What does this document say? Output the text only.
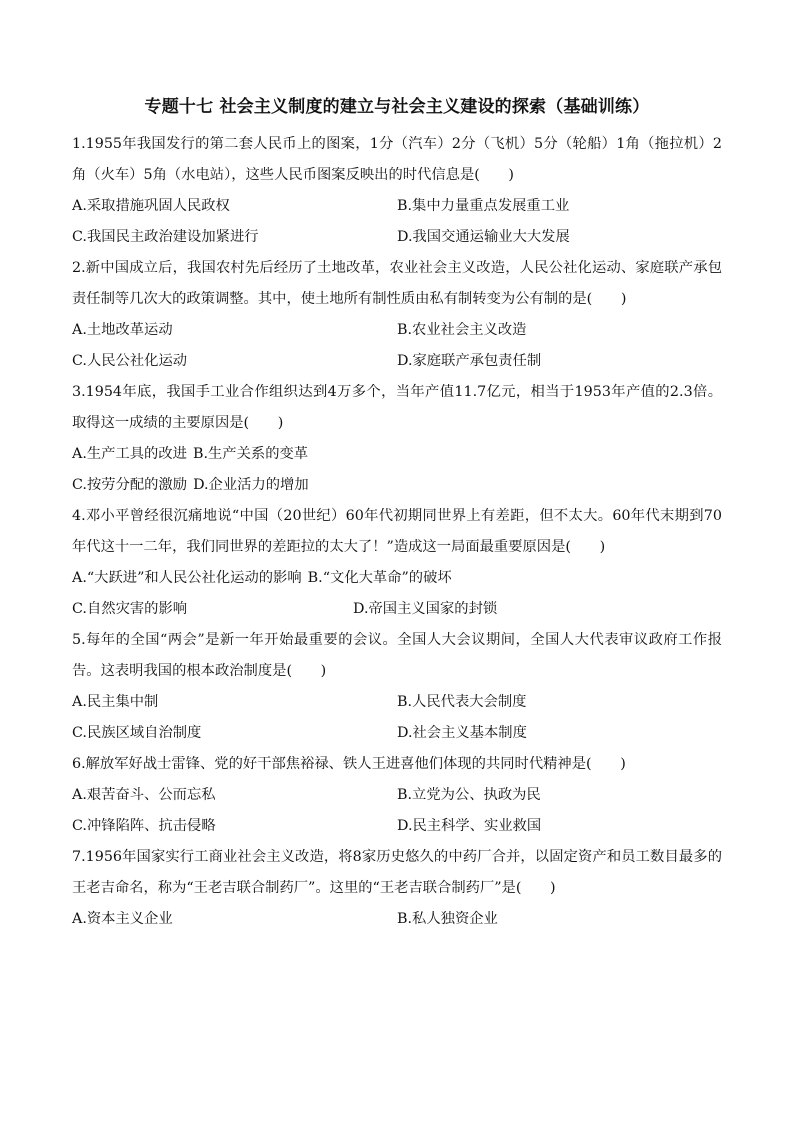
专题十七 社会主义制度的建立与社会主义建设的探索（基础训练）
1.1955年我国发行的第二套人民币上的图案，1分（汽车）2分（飞机）5分（轮船）1角（拖拉机）2角（火车）5角（水电站），这些人民币图案反映出的时代信息是(　　)
A.采取措施巩固人民政权	B.集中力量重点发展重工业
C.我国民主政治建设加紧进行	D.我国交通运输业大大发展
2.新中国成立后，我国农村先后经历了土地改革，农业社会主义改造，人民公社化运动、家庭联产承包责任制等几次大的政策调整。其中，使土地所有制性质由私有制转变为公有制的是(　　)
A.土地改革运动	B.农业社会主义改造
C.人民公社化运动	D.家庭联产承包责任制
3.1954年底，我国手工业合作组织达到4万多个，当年产值11.7亿元，相当于1953年产值的2.3倍。取得这一成绩的主要原因是(　　)
A.生产工具的改进 B.生产关系的变革
C.按劳分配的激励 D.企业活力的增加
4.邓小平曾经很沉痛地说“中国（20世纪）60年代初期同世界上有差距，但不太大。60年代末期到70年代这十一二年，我们同世界的差距拉的太大了！”造成这一局面最重要原因是(　　)
A.“大跃进”和人民公社化运动的影响 B.“文化大革命”的破坏
C.自然灾害的影响	D.帝国主义国家的封锁
5.每年的全国“两会”是新一年开始最重要的会议。全国人大会议期间，全国人大代表审议政府工作报告。这表明我国的根本政治制度是(　　)
A.民主集中制	B.人民代表大会制度
C.民族区域自治制度	D.社会主义基本制度
6.解放军好战士雷锋、党的好干部焦裕禄、铁人王进喜他们体现的共同时代精神是(　　)
A.艰苦奋斗、公而忘私	B.立党为公、执政为民
C.冲锋陷阵、抗击侵略	D.民主科学、实业救国
7.1956年国家实行工商业社会主义改造，将8家历史悠久的中药厂合并，以固定资产和员工数目最多的王老吉命名，称为“王老吉联合制药厂”。这里的“王老吉联合制药厂”是(　　)
A.资本主义企业	B.私人独资企业
